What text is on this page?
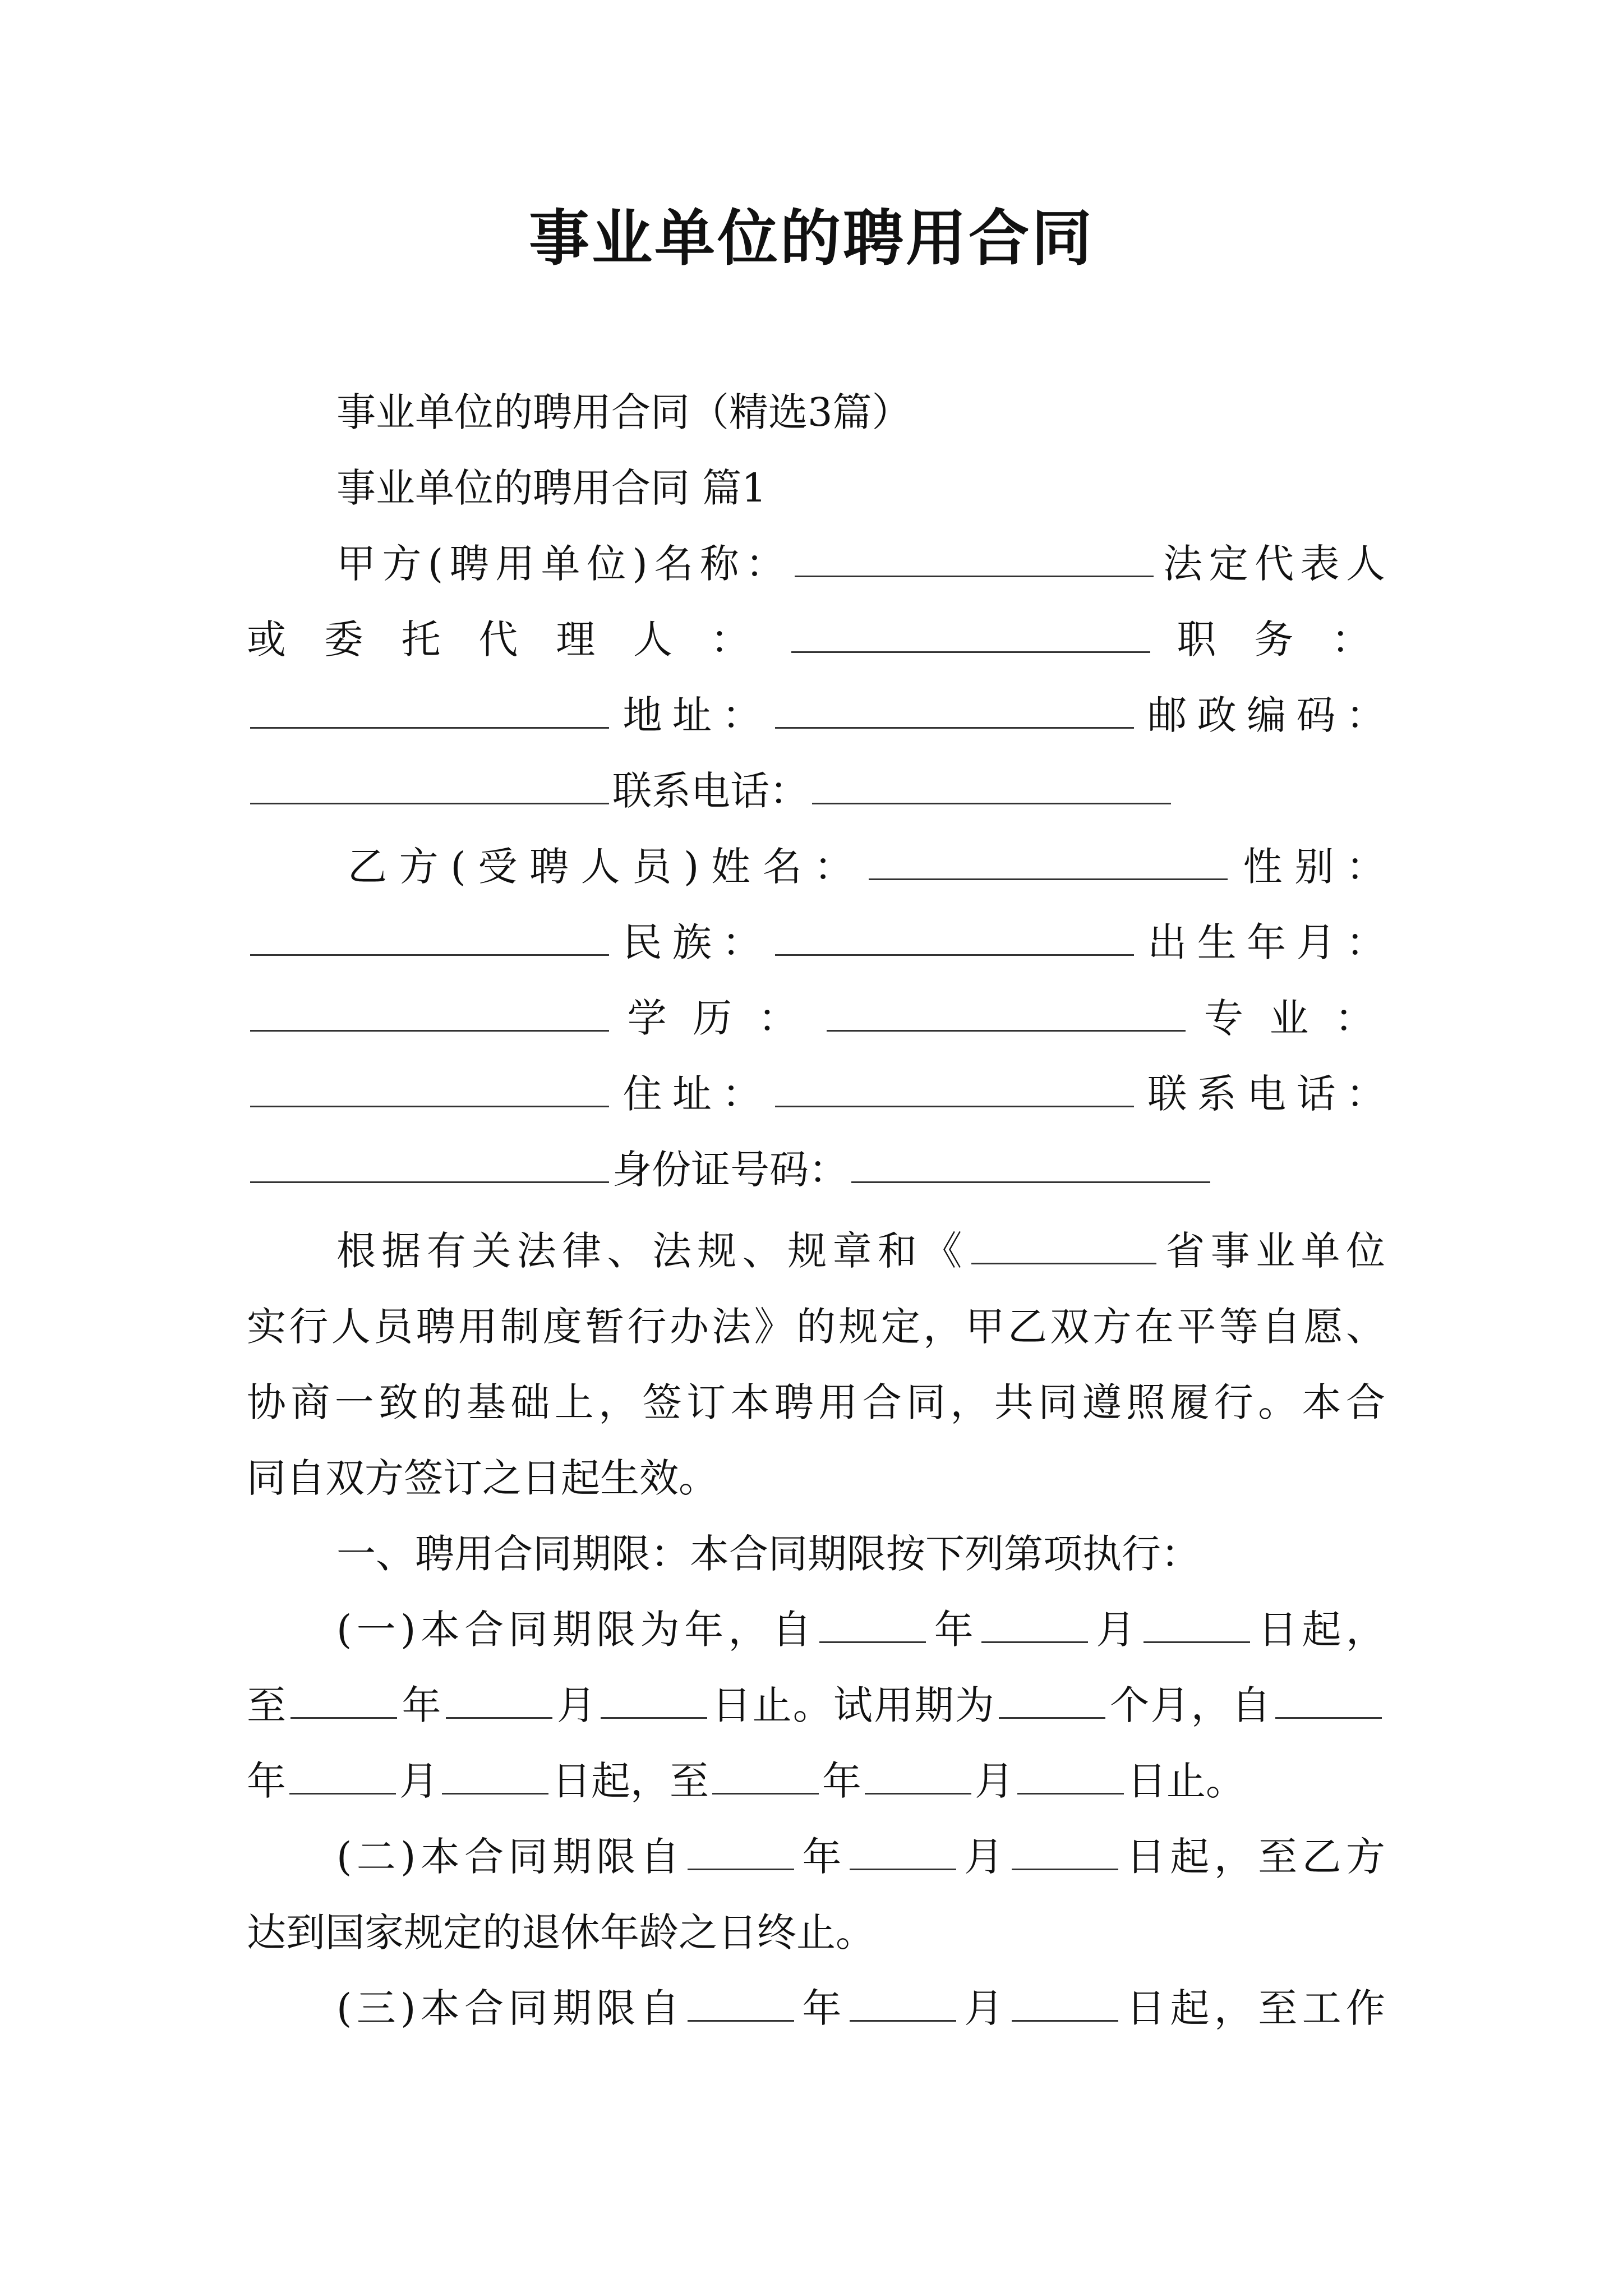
事业单位的聘用合同
事业单位的聘用合同（精选3篇）
事业单位的聘用合同 篇1
甲方(聘用单位)名称：	法定代表人
或委托代理人：	职务：
地址：	邮政编码：
联系电话：
乙方(受聘人员)姓名：	性别：
民族：	出生年月：
学历：	专业：
住址：	联系电话：
身份证号码：
根据有关法律、法规、规章和《	省事业单位
实行人员聘用制度暂行办法》的规定，甲乙双方在平等自愿、
协商一致的基础上，签订本聘用合同，共同遵照履行。本合
同自双方签订之日起生效。
一、聘用合同期限：本合同期限按下列第项执行：
(一)本合同期限为年，自	年	月	日起，
至	年	月	日止。试用期为	个月，自
年	月	日起，至	年	月	日止。
(二)本合同期限自	年	月	日起，至乙方
达到国家规定的退休年龄之日终止。
(三)本合同期限自	年	月	日起，至工作
